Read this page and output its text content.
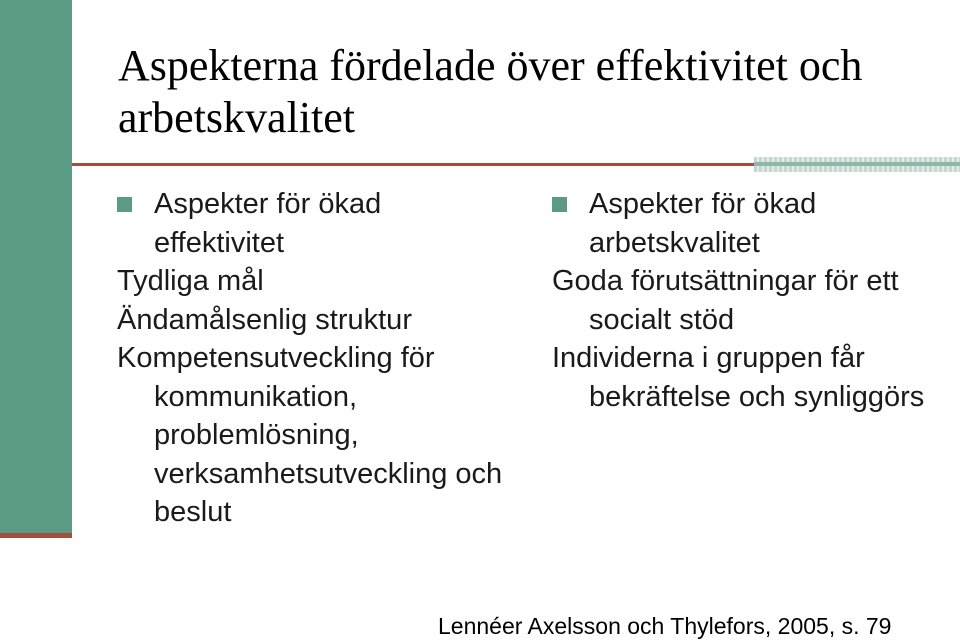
Aspekterna fördelade över effektivitet och arbetskvalitet
Aspekter för ökad effektivitet
Tydliga mål
Ändamålsenlig struktur
Kompetensutveckling för kommunikation, problemlösning, verksamhetsutveckling och beslut
Aspekter för ökad arbetskvalitet
Goda förutsättningar för ett socialt stöd
Individerna i gruppen får bekräftelse och synliggörs
Lennéer Axelsson och Thylefors, 2005, s. 79
